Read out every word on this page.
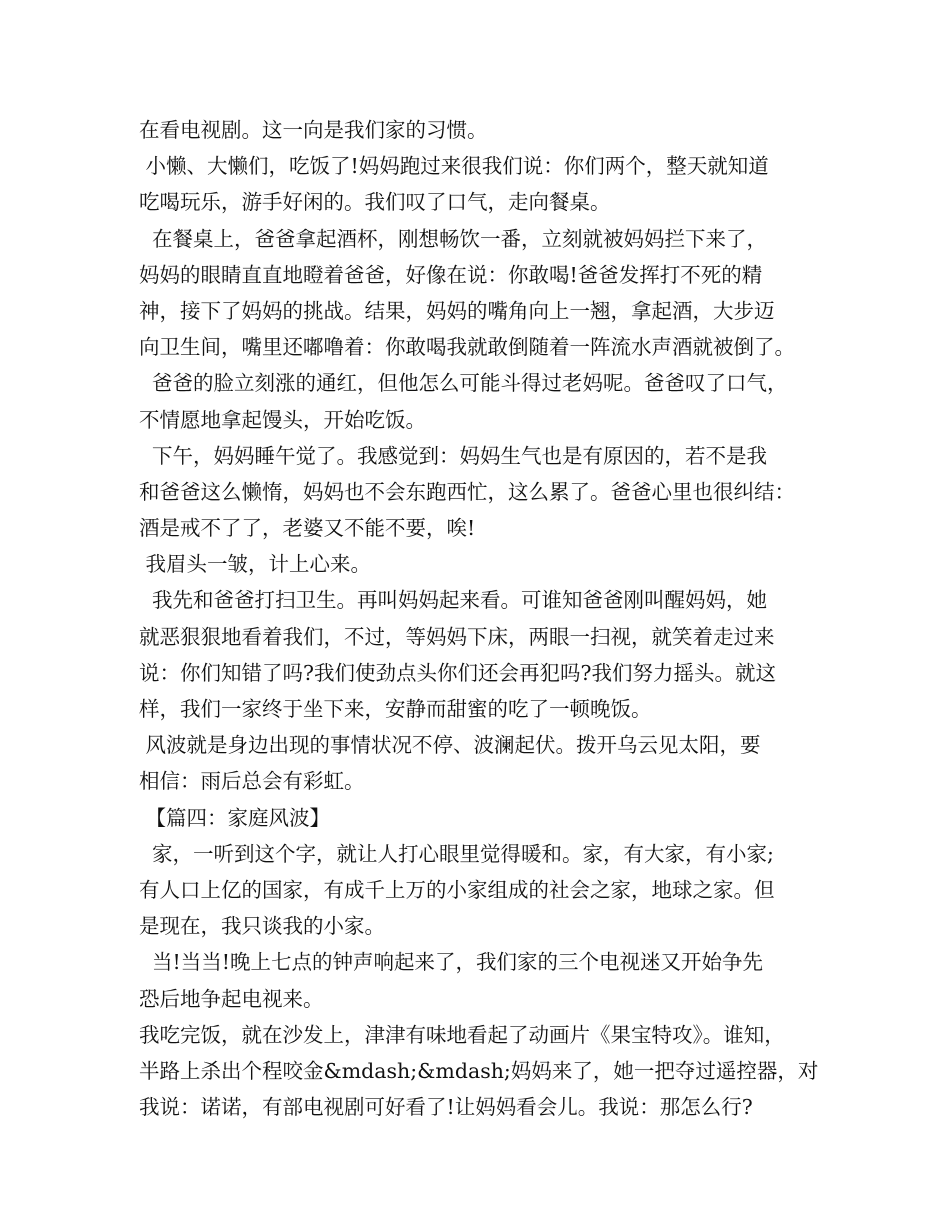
在看电视剧。这一向是我们家的习惯。
小懒、大懒们，吃饭了!妈妈跑过来很我们说：你们两个，整天就知道
吃喝玩乐，游手好闲的。我们叹了口气，走向餐桌。
在餐桌上，爸爸拿起酒杯，刚想畅饮一番，立刻就被妈妈拦下来了，
妈妈的眼睛直直地瞪着爸爸，好像在说：你敢喝!爸爸发挥打不死的精
神，接下了妈妈的挑战。结果，妈妈的嘴角向上一翘，拿起酒，大步迈
向卫生间，嘴里还嘟噜着：你敢喝我就敢倒随着一阵流水声酒就被倒了。
爸爸的脸立刻涨的通红，但他怎么可能斗得过老妈呢。爸爸叹了口气，
不情愿地拿起馒头，开始吃饭。
下午，妈妈睡午觉了。我感觉到：妈妈生气也是有原因的，若不是我
和爸爸这么懒惰，妈妈也不会东跑西忙，这么累了。爸爸心里也很纠结：
酒是戒不了了，老婆又不能不要，唉!
我眉头一皱，计上心来。
我先和爸爸打扫卫生。再叫妈妈起来看。可谁知爸爸刚叫醒妈妈，她
就恶狠狠地看着我们，不过，等妈妈下床，两眼一扫视，就笑着走过来
说：你们知错了吗?我们使劲点头你们还会再犯吗?我们努力摇头。就这
样，我们一家终于坐下来，安静而甜蜜的吃了一顿晚饭。
风波就是身边出现的事情状况不停、波澜起伏。拨开乌云见太阳，要
相信：雨后总会有彩虹。
【篇四：家庭风波】
家，一听到这个字，就让人打心眼里觉得暖和。家，有大家，有小家;
有人口上亿的国家，有成千上万的小家组成的社会之家，地球之家。但
是现在，我只谈我的小家。
当!当当!晚上七点的钟声响起来了，我们家的三个电视迷又开始争先
恐后地争起电视来。
我吃完饭，就在沙发上，津津有味地看起了动画片《果宝特攻》。谁知，
半路上杀出个程咬金&mdash;&mdash;妈妈来了，她一把夺过遥控器，对
我说：诺诺，有部电视剧可好看了!让妈妈看会儿。我说：那怎么行?
